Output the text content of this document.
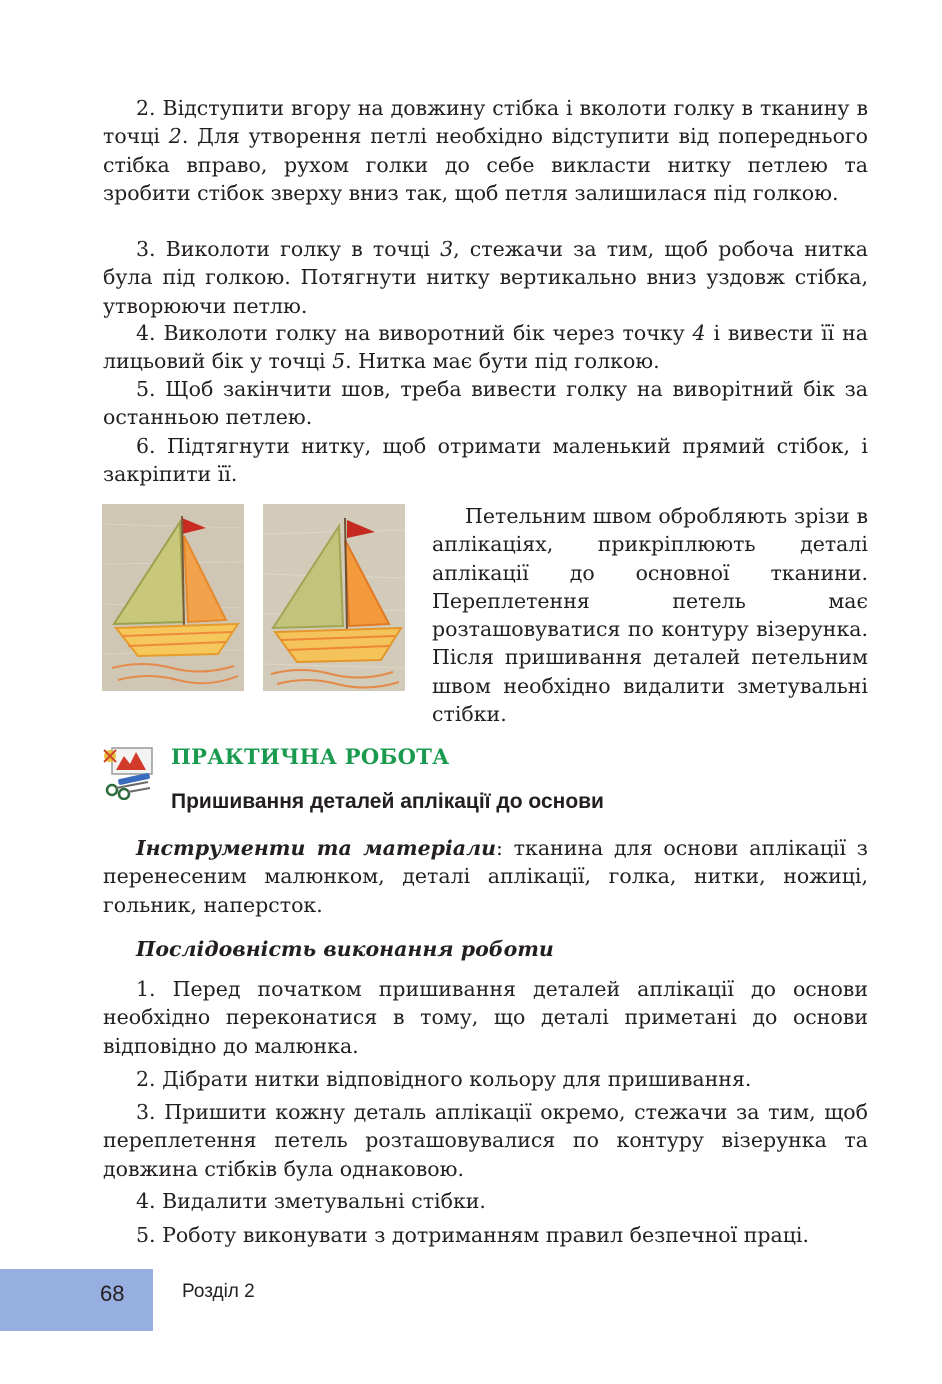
2. Відступити вгору на довжину стібка і вколоти голку в тканину в точці 2. Для утворення петлі необхідно відступити від попереднього стібка вправо, рухом голки до себе викласти нитку петлею та зробити стібок зверху вниз так, щоб петля залишилася під голкою.

3. Виколоти голку в точці 3, стежачи за тим, щоб робоча нитка була під голкою. Потягнути нитку вертикально вниз уздовж стібка, утворюючи петлю.

4. Виколоти голку на виворотний бік через точку 4 і вивести її на лицьовий бік у точці 5. Нитка має бути під голкою.

5. Щоб закінчити шов, треба вивести голку на виворітний бік за останньою петлею.

6. Підтягнути нитку, щоб отримати маленький прямий стібок, і закріпити її.

Петельним швом обробляють зрізи в аплікаціях, прикріплюють деталі аплікації до основної тканини. Переплетення петель має розташовуватися по контуру візерунка. Після пришивання деталей петельним швом необхідно видалити зметувальні стібки.

ПРАКТИЧНА РОБОТА

Пришивання деталей аплікації до основи

Інструменти та матеріали: тканина для основи аплікації з перенесеним малюнком, деталі аплікації, голка, нитки, ножиці, гольник, наперсток.

Послідовність виконання роботи

1. Перед початком пришивання деталей аплікації до основи необхідно переконатися в тому, що деталі приметані до основи відповідно до малюнка.

2. Дібрати нитки відповідного кольору для пришивання.

3. Пришити кожну деталь аплікації окремо, стежачи за тим, щоб переплетення петель розташовувалися по контуру візерунка та довжина стібків була однаковою.

4. Видалити зметувальні стібки.

5. Роботу виконувати з дотриманням правил безпечної праці.

68	Розділ 2
